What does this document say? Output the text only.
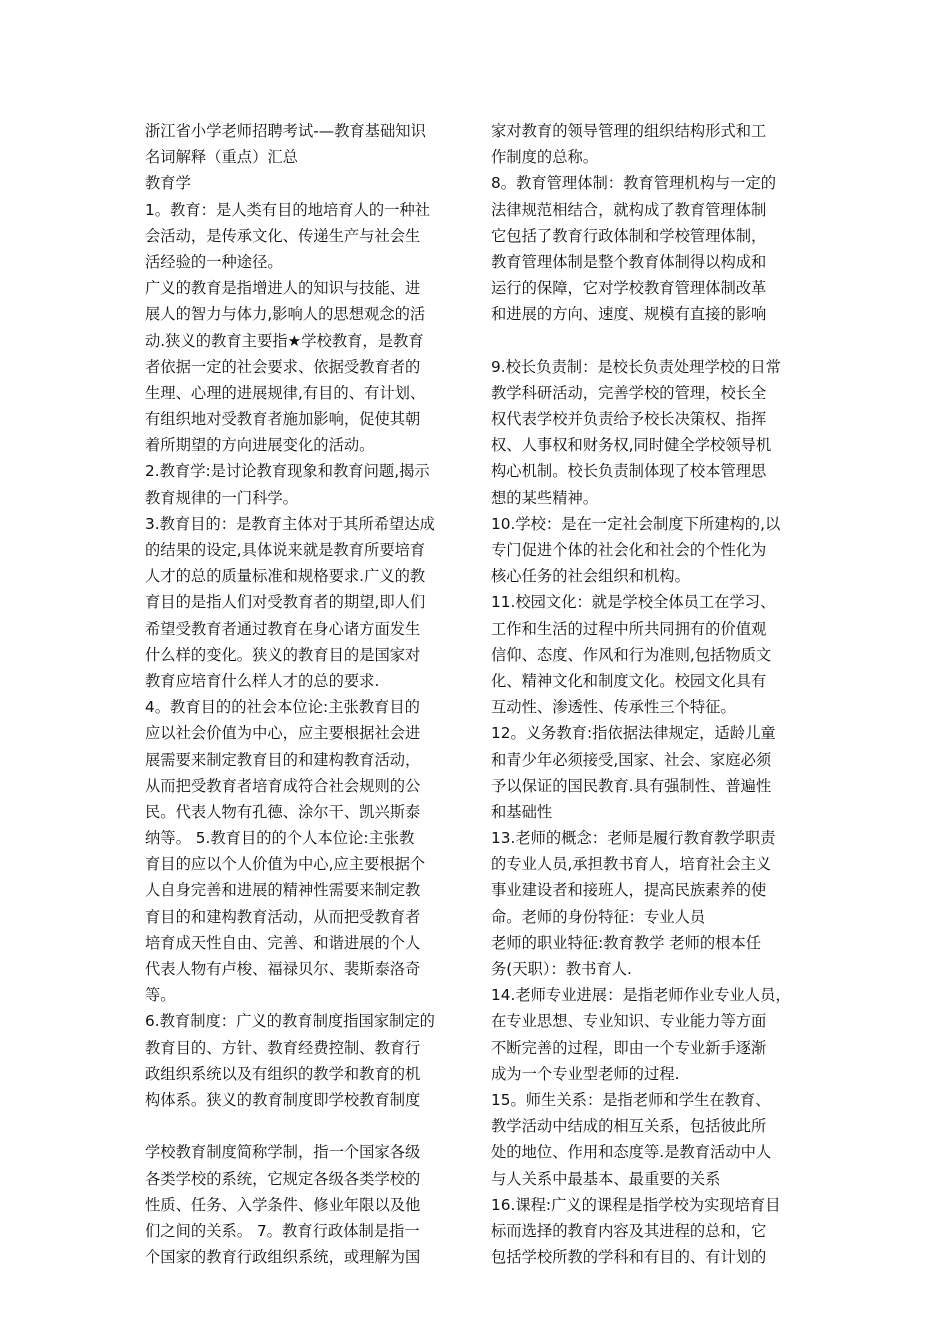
浙江省小学老师招聘考试-—教育基础知识
名词解释（重点）汇总
教育学
1。教育：是人类有目的地培育人的一种社
会活动，是传承文化、传递生产与社会生
活经验的一种途径。
广义的教育是指增进人的知识与技能、进
展人的智力与体力,影响人的思想观念的活
动.狭义的教育主要指★学校教育，是教育
者依据一定的社会要求、依据受教育者的
生理、心理的进展规律,有目的、有计划、
有组织地对受教育者施加影响，促使其朝
着所期望的方向进展变化的活动。
2.教育学:是讨论教育现象和教育问题,揭示
教育规律的一门科学。
3.教育目的：是教育主体对于其所希望达成
的结果的设定,具体说来就是教育所要培育
人才的总的质量标准和规格要求.广义的教
育目的是指人们对受教育者的期望,即人们
希望受教育者通过教育在身心诸方面发生
什么样的变化。狭义的教育目的是国家对
教育应培育什么样人才的总的要求.
4。教育目的的社会本位论:主张教育目的
应以社会价值为中心，应主要根据社会进
展需要来制定教育目的和建构教育活动，
从而把受教育者培育成符合社会规则的公
民。代表人物有孔德、涂尔干、凯兴斯泰
纳等。 5.教育目的的个人本位论:主张教
育目的应以个人价值为中心,应主要根据个
人自身完善和进展的精神性需要来制定教
育目的和建构教育活动，从而把受教育者
培育成天性自由、完善、和谐进展的个人
代表人物有卢梭、福禄贝尔、裴斯泰洛奇
等。
6.教育制度：广义的教育制度指国家制定的
教育目的、方针、教育经费控制、教育行
政组织系统以及有组织的教学和教育的机
构体系。狭义的教育制度即学校教育制度
学校教育制度简称学制，指一个国家各级
各类学校的系统，它规定各级各类学校的
性质、任务、入学条件、修业年限以及他
们之间的关系。 7。教育行政体制是指一
个国家的教育行政组织系统，或理解为国
家对教育的领导管理的组织结构形式和工
作制度的总称。
8。教育管理体制：教育管理机构与一定的
法律规范相结合，就构成了教育管理体制
它包括了教育行政体制和学校管理体制，
教育管理体制是整个教育体制得以构成和
运行的保障，它对学校教育管理体制改革
和进展的方向、速度、规模有直接的影响
9.校长负责制：是校长负责处理学校的日常
教学科研活动，完善学校的管理，校长全
权代表学校并负责给予校长决策权、指挥
权、人事权和财务权,同时健全学校领导机
构心机制。校长负责制体现了校本管理思
想的某些精神。
10.学校：是在一定社会制度下所建构的,以
专门促进个体的社会化和社会的个性化为
核心任务的社会组织和机构。
11.校园文化：就是学校全体员工在学习、
工作和生活的过程中所共同拥有的价值观
信仰、态度、作风和行为准则,包括物质文
化、精神文化和制度文化。校园文化具有
互动性、渗透性、传承性三个特征。
12。义务教育:指依据法律规定，适龄儿童
和青少年必须接受,国家、社会、家庭必须
予以保证的国民教育.具有强制性、普遍性
和基础性
13.老师的概念：老师是履行教育教学职责
的专业人员,承担教书育人，培育社会主义
事业建设者和接班人，提高民族素养的使
命。老师的身份特征：专业人员
老师的职业特征:教育教学 老师的根本任
务(天职）：教书育人.
14.老师专业进展：是指老师作业专业人员，
在专业思想、专业知识、专业能力等方面
不断完善的过程，即由一个专业新手逐渐
成为一个专业型老师的过程.
15。师生关系：是指老师和学生在教育、
教学活动中结成的相互关系，包括彼此所
处的地位、作用和态度等.是教育活动中人
与人关系中最基本、最重要的关系
16.课程:广义的课程是指学校为实现培育目
标而选择的教育内容及其进程的总和，它
包括学校所教的学科和有目的、有计划的
